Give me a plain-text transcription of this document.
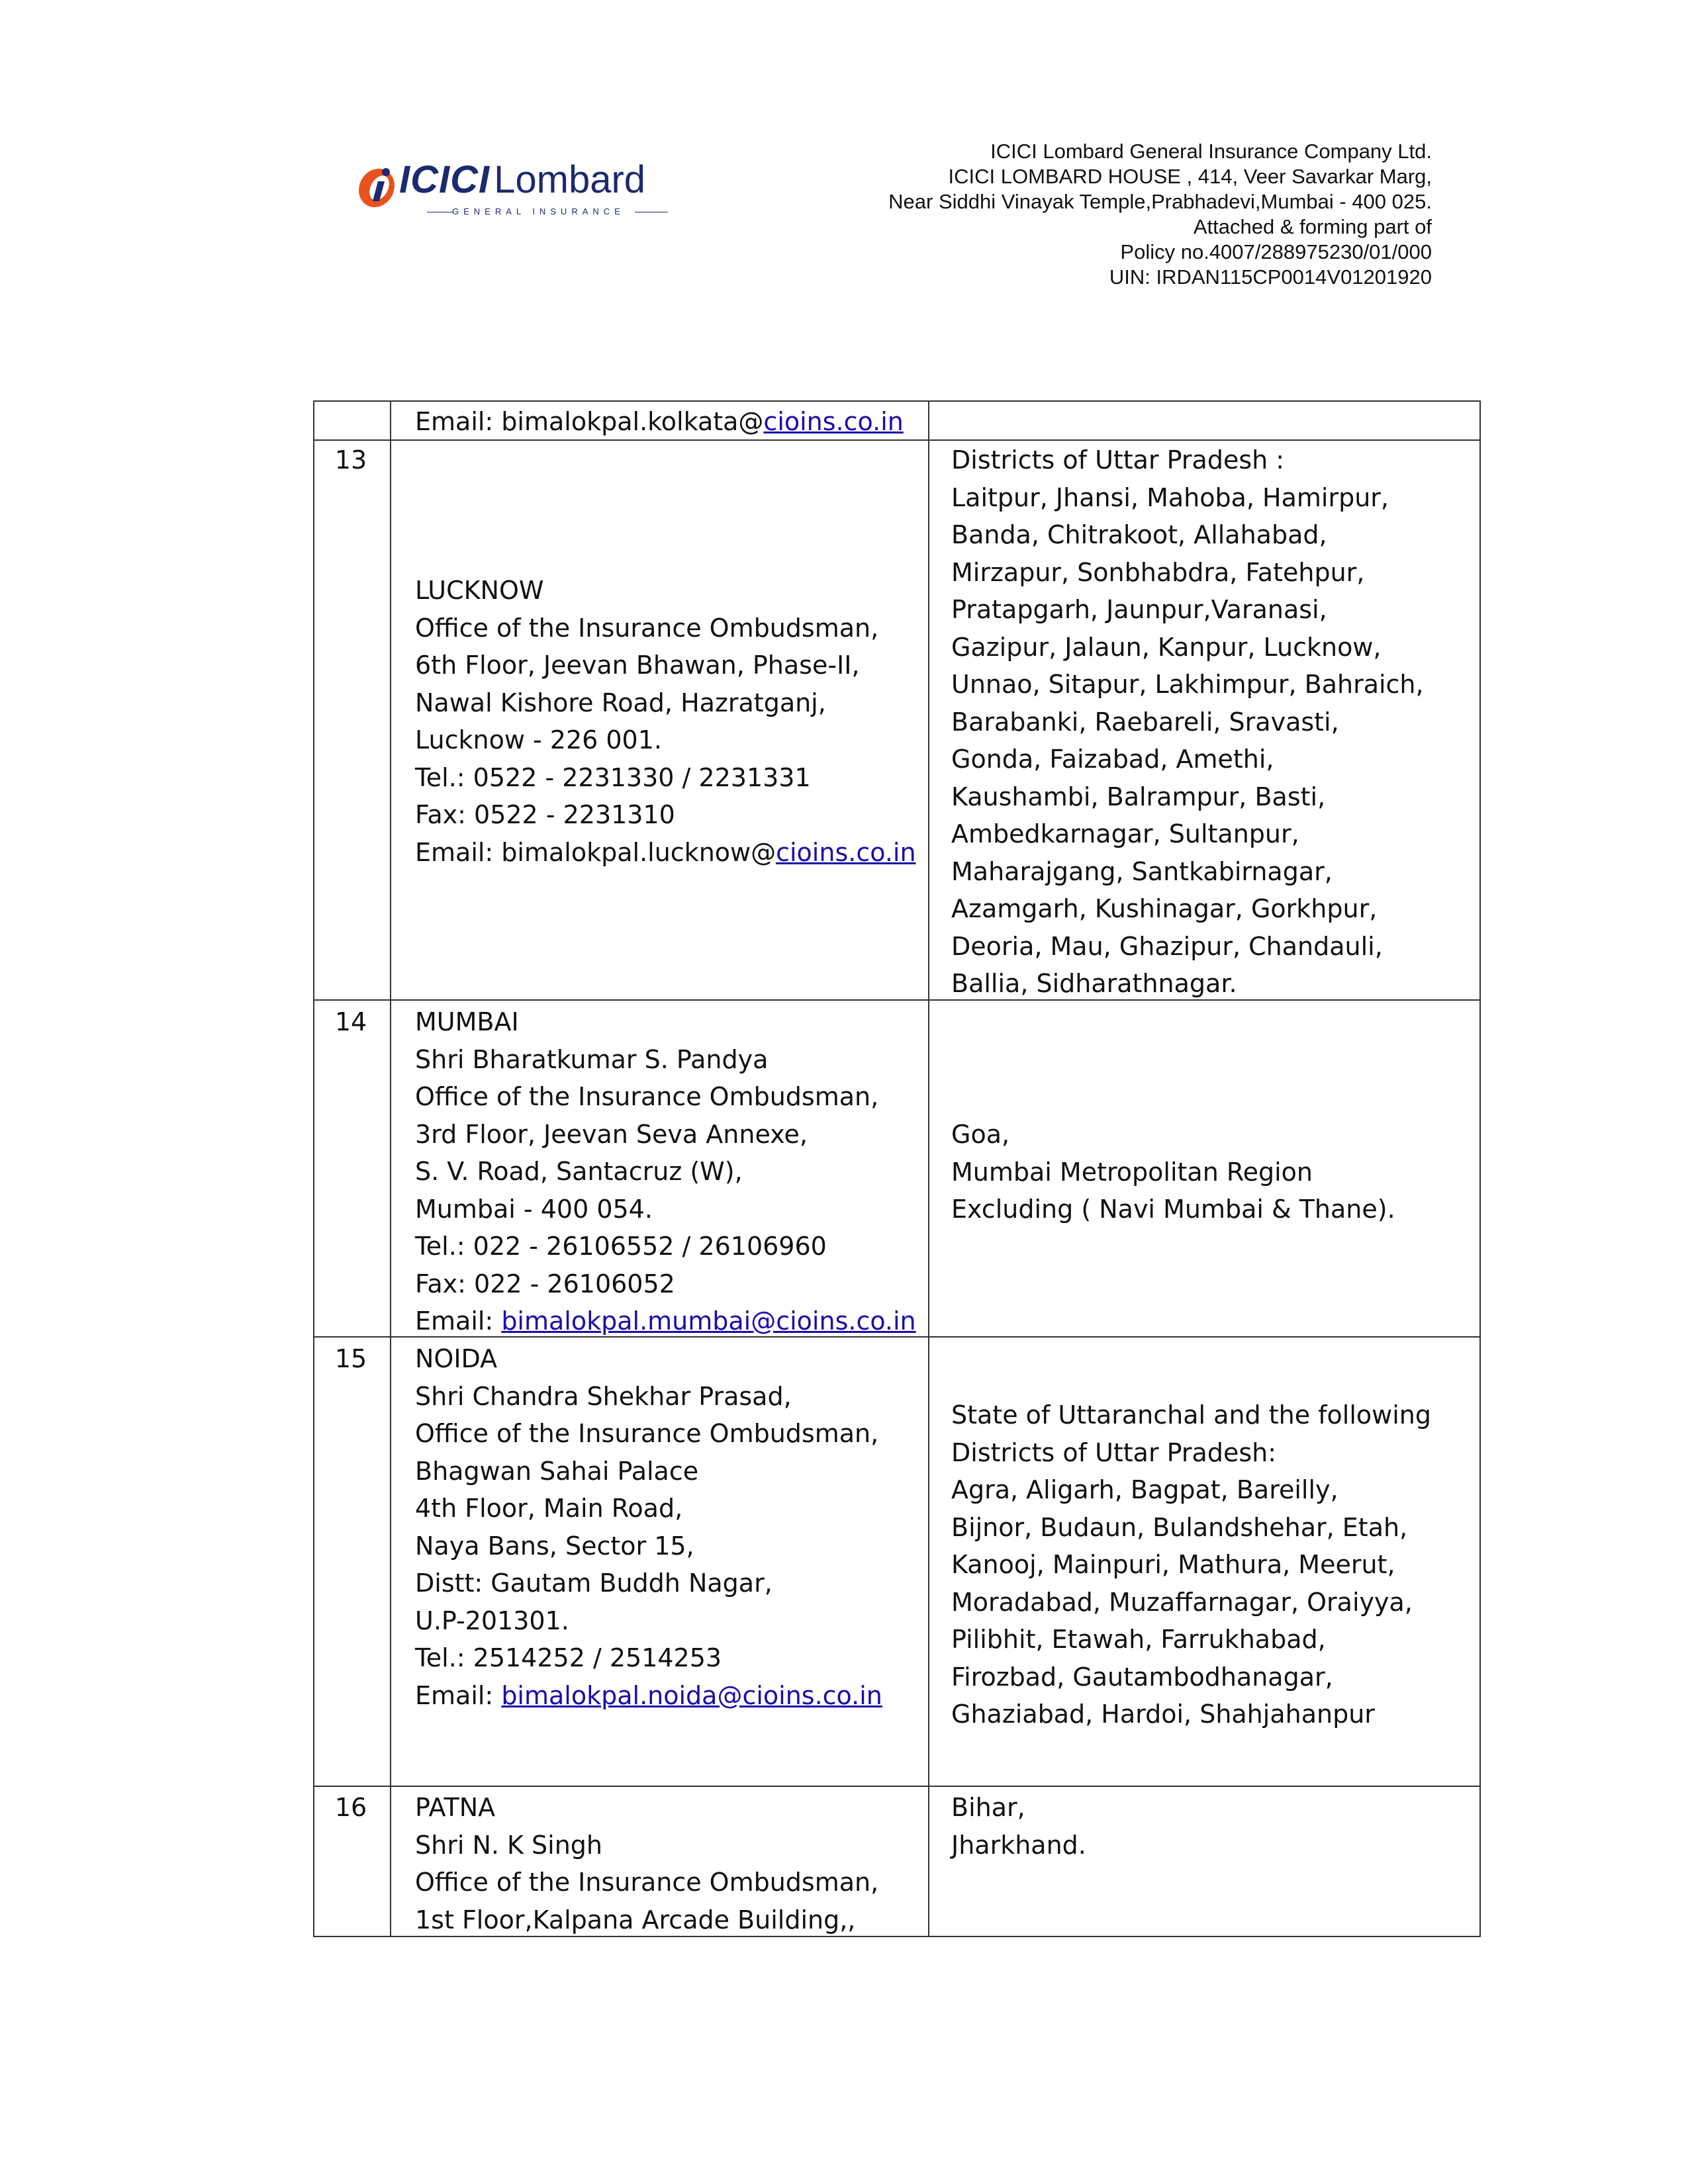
ICICI Lombard
GENERAL INSURANCE
ICICI Lombard General Insurance Company Ltd.
ICICI LOMBARD HOUSE , 414, Veer Savarkar Marg,
Near Siddhi Vinayak Temple,Prabhadevi,Mumbai - 400 025.
Attached & forming part of
Policy no.4007/288975230/01/000
UIN: IRDAN115CP0014V01201920
Email: bimalokpal.kolkata@cioins.co.in
13
LUCKNOW
Office of the Insurance Ombudsman,
6th Floor, Jeevan Bhawan, Phase-II,
Nawal Kishore Road, Hazratganj,
Lucknow - 226 001.
Tel.: 0522 - 2231330 / 2231331
Fax: 0522 - 2231310
Email: bimalokpal.lucknow@cioins.co.in
Districts of Uttar Pradesh :
Laitpur, Jhansi, Mahoba, Hamirpur,
Banda, Chitrakoot, Allahabad,
Mirzapur, Sonbhabdra, Fatehpur,
Pratapgarh, Jaunpur,Varanasi,
Gazipur, Jalaun, Kanpur, Lucknow,
Unnao, Sitapur, Lakhimpur, Bahraich,
Barabanki, Raebareli, Sravasti,
Gonda, Faizabad, Amethi,
Kaushambi, Balrampur, Basti,
Ambedkarnagar, Sultanpur,
Maharajgang, Santkabirnagar,
Azamgarh, Kushinagar, Gorkhpur,
Deoria, Mau, Ghazipur, Chandauli,
Ballia, Sidharathnagar.
14 MUMBAI
Shri Bharatkumar S. Pandya
Office of the Insurance Ombudsman,
3rd Floor, Jeevan Seva Annexe,
S. V. Road, Santacruz (W),
Mumbai - 400 054.
Tel.: 022 - 26106552 / 26106960
Fax: 022 - 26106052
Email: bimalokpal.mumbai@cioins.co.in
Goa,
Mumbai Metropolitan Region
Excluding ( Navi Mumbai & Thane).
15 NOIDA
Shri Chandra Shekhar Prasad,
Office of the Insurance Ombudsman,
Bhagwan Sahai Palace
4th Floor, Main Road,
Naya Bans, Sector 15,
Distt: Gautam Buddh Nagar,
U.P-201301.
Tel.: 2514252 / 2514253
Email: bimalokpal.noida@cioins.co.in
State of Uttaranchal and the following
Districts of Uttar Pradesh:
Agra, Aligarh, Bagpat, Bareilly,
Bijnor, Budaun, Bulandshehar, Etah,
Kanooj, Mainpuri, Mathura, Meerut,
Moradabad, Muzaffarnagar, Oraiyya,
Pilibhit, Etawah, Farrukhabad,
Firozbad, Gautambodhanagar,
Ghaziabad, Hardoi, Shahjahanpur
16 PATNA
Shri N. K Singh
Office of the Insurance Ombudsman,
1st Floor,Kalpana Arcade Building,,
Bihar,
Jharkhand.
